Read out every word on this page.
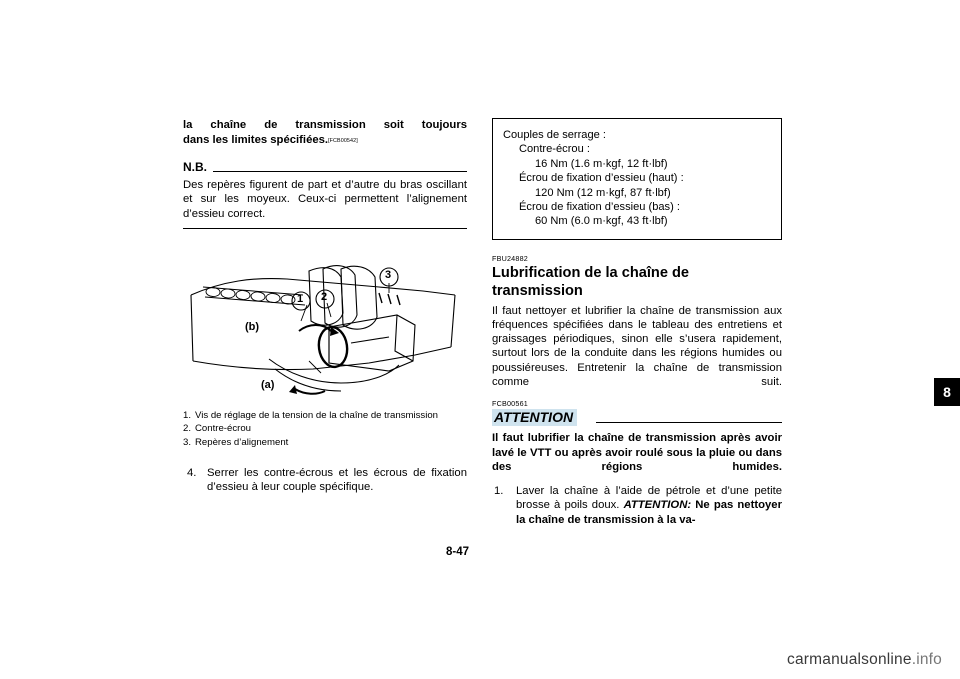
la chaîne de transmission soit toujours
dans les limites spécifiées.[FCB00542]
N.B.
Des repères figurent de part et d’autre du bras oscillant et sur les moyeux. Ceux-ci permettent l’alignement d’essieu correct.
1 2
3
(b)
(a)
1. Vis de réglage de la tension de la chaîne de transmission
2. Contre-écrou
3. Repères d’alignement
4. Serrer les contre-écrous et les écrous de fixation d’essieu à leur couple spécifique.
Couples de serrage :
Contre-écrou :
16 Nm (1.6 m·kgf, 12 ft·lbf)
Écrou de fixation d’essieu (haut) :
120 Nm (12 m·kgf, 87 ft·lbf)
Écrou de fixation d’essieu (bas) :
60 Nm (6.0 m·kgf, 43 ft·lbf)
FBU24882
Lubrification de la chaîne de
transmission
Il faut nettoyer et lubrifier la chaîne de transmission aux fréquences spécifiées dans le tableau des entretiens et graissages périodiques, sinon elle s’usera rapidement, surtout lors de la conduite dans les régions humides ou poussiéreuses. Entretenir la chaîne de transmission comme suit.
FCB00561
ATTENTION
Il faut lubrifier la chaîne de transmission après avoir lavé le VTT ou après avoir roulé sous la pluie ou dans des régions humides.
1. Laver la chaîne à l’aide de pétrole et d’une petite brosse à poils doux. ATTENTION: Ne pas nettoyer la chaîne de transmission à la va-
8-47
8
carmanualsonline.info
